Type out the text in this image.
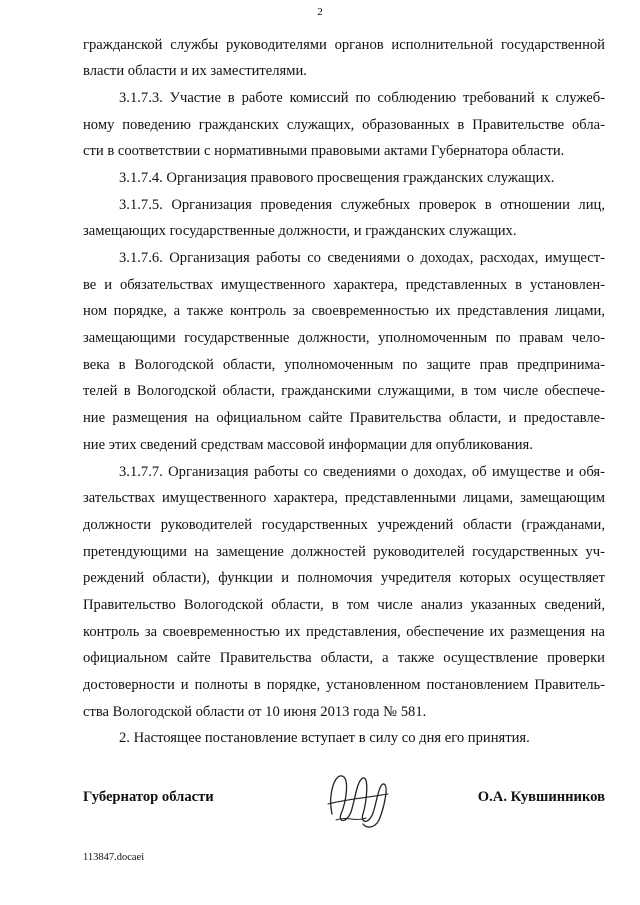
2
гражданской службы руководителями органов исполнительной государственной
власти области и их заместителями.
3.1.7.3. Участие в работе комиссий по соблюдению требований к служеб-
ному поведению гражданских служащих, образованных в Правительстве обла-
сти в соответствии с нормативными правовыми актами Губернатора области.
3.1.7.4. Организация правового просвещения гражданских служащих.
3.1.7.5. Организация проведения служебных проверок в отношении лиц,
замещающих государственные должности, и гражданских служащих.
3.1.7.6. Организация работы со сведениями о доходах, расходах, имущест-
ве и обязательствах имущественного характера, представленных в установлен-
ном порядке, а также контроль за своевременностью их представления лицами,
замещающими государственные должности, уполномоченным по правам чело-
века в Вологодской области, уполномоченным по защите прав предпринима-
телей в Вологодской области, гражданскими служащими, в том числе обеспече-
ние размещения на официальном сайте Правительства области, и предоставле-
ние этих сведений средствам массовой информации для опубликования.
3.1.7.7. Организация работы со сведениями о доходах, об имуществе и обя-
зательствах имущественного характера, представленными лицами, замещающим
должности руководителей государственных учреждений области (гражданами,
претендующими на замещение должностей руководителей государственных уч-
реждений области), функции и полномочия учредителя которых осуществляет
Правительство Вологодской области, в том числе анализ указанных сведений,
контроль за своевременностью их представления, обеспечение их размещения на
официальном сайте Правительства области, а также осуществление проверки
достоверности и полноты в порядке, установленном постановлением Правитель-
ства Вологодской области от 10 июня 2013 года № 581.
2. Настоящее постановление вступает в силу со дня его принятия.
Губернатор области	О.А. Кувшинников
113847.docaei
